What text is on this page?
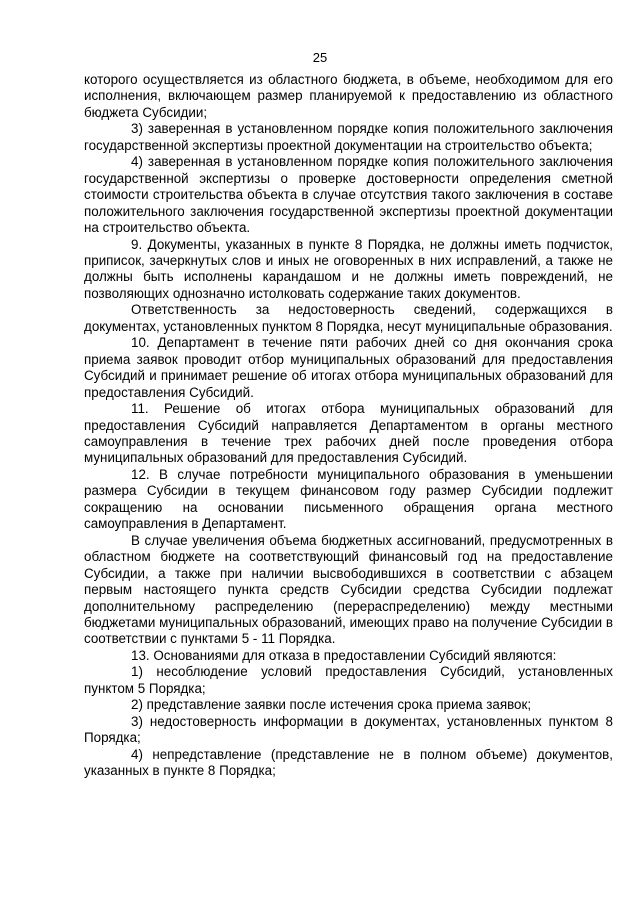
25

которого осуществляется из областного бюджета, в объеме, необходимом для его исполнения, включающем размер планируемой к предоставлению из областного бюджета Субсидии;

3) заверенная в установленном порядке копия положительного заключения государственной экспертизы проектной документации на строительство объекта;

4) заверенная в установленном порядке копия положительного заключения государственной экспертизы о проверке достоверности определения сметной стоимости строительства объекта в случае отсутствия такого заключения в составе положительного заключения государственной экспертизы проектной документации на строительство объекта.

9. Документы, указанных в пункте 8 Порядка, не должны иметь подчисток, приписок, зачеркнутых слов и иных не оговоренных в них исправлений, а также не должны быть исполнены карандашом и не должны иметь повреждений, не позволяющих однозначно истолковать содержание таких документов.

Ответственность за недостоверность сведений, содержащихся в документах, установленных пунктом 8 Порядка, несут муниципальные образования.

10. Департамент в течение пяти рабочих дней со дня окончания срока приема заявок проводит отбор муниципальных образований для предоставления Субсидий и принимает решение об итогах отбора муниципальных образований для предоставления Субсидий.

11. Решение об итогах отбора муниципальных образований для предоставления Субсидий направляется Департаментом в органы местного самоуправления в течение трех рабочих дней после проведения отбора муниципальных образований для предоставления Субсидий.

12. В случае потребности муниципального образования в уменьшении размера Субсидии в текущем финансовом году размер Субсидии подлежит сокращению на основании письменного обращения органа местного самоуправления в Департамент.

В случае увеличения объема бюджетных ассигнований, предусмотренных в областном бюджете на соответствующий финансовый год на предоставление Субсидии, а также при наличии высвободившихся в соответствии с абзацем первым настоящего пункта средств Субсидии средства Субсидии подлежат дополнительному распределению (перераспределению) между местными бюджетами муниципальных образований, имеющих право на получение Субсидии в соответствии с пунктами 5 - 11 Порядка.

13. Основаниями для отказа в предоставлении Субсидий являются:

1) несоблюдение условий предоставления Субсидий, установленных пунктом 5 Порядка;

2) представление заявки после истечения срока приема заявок;

3) недостоверность информации в документах, установленных пунктом 8 Порядка;

4) непредставление (представление не в полном объеме) документов, указанных в пункте 8 Порядка;
